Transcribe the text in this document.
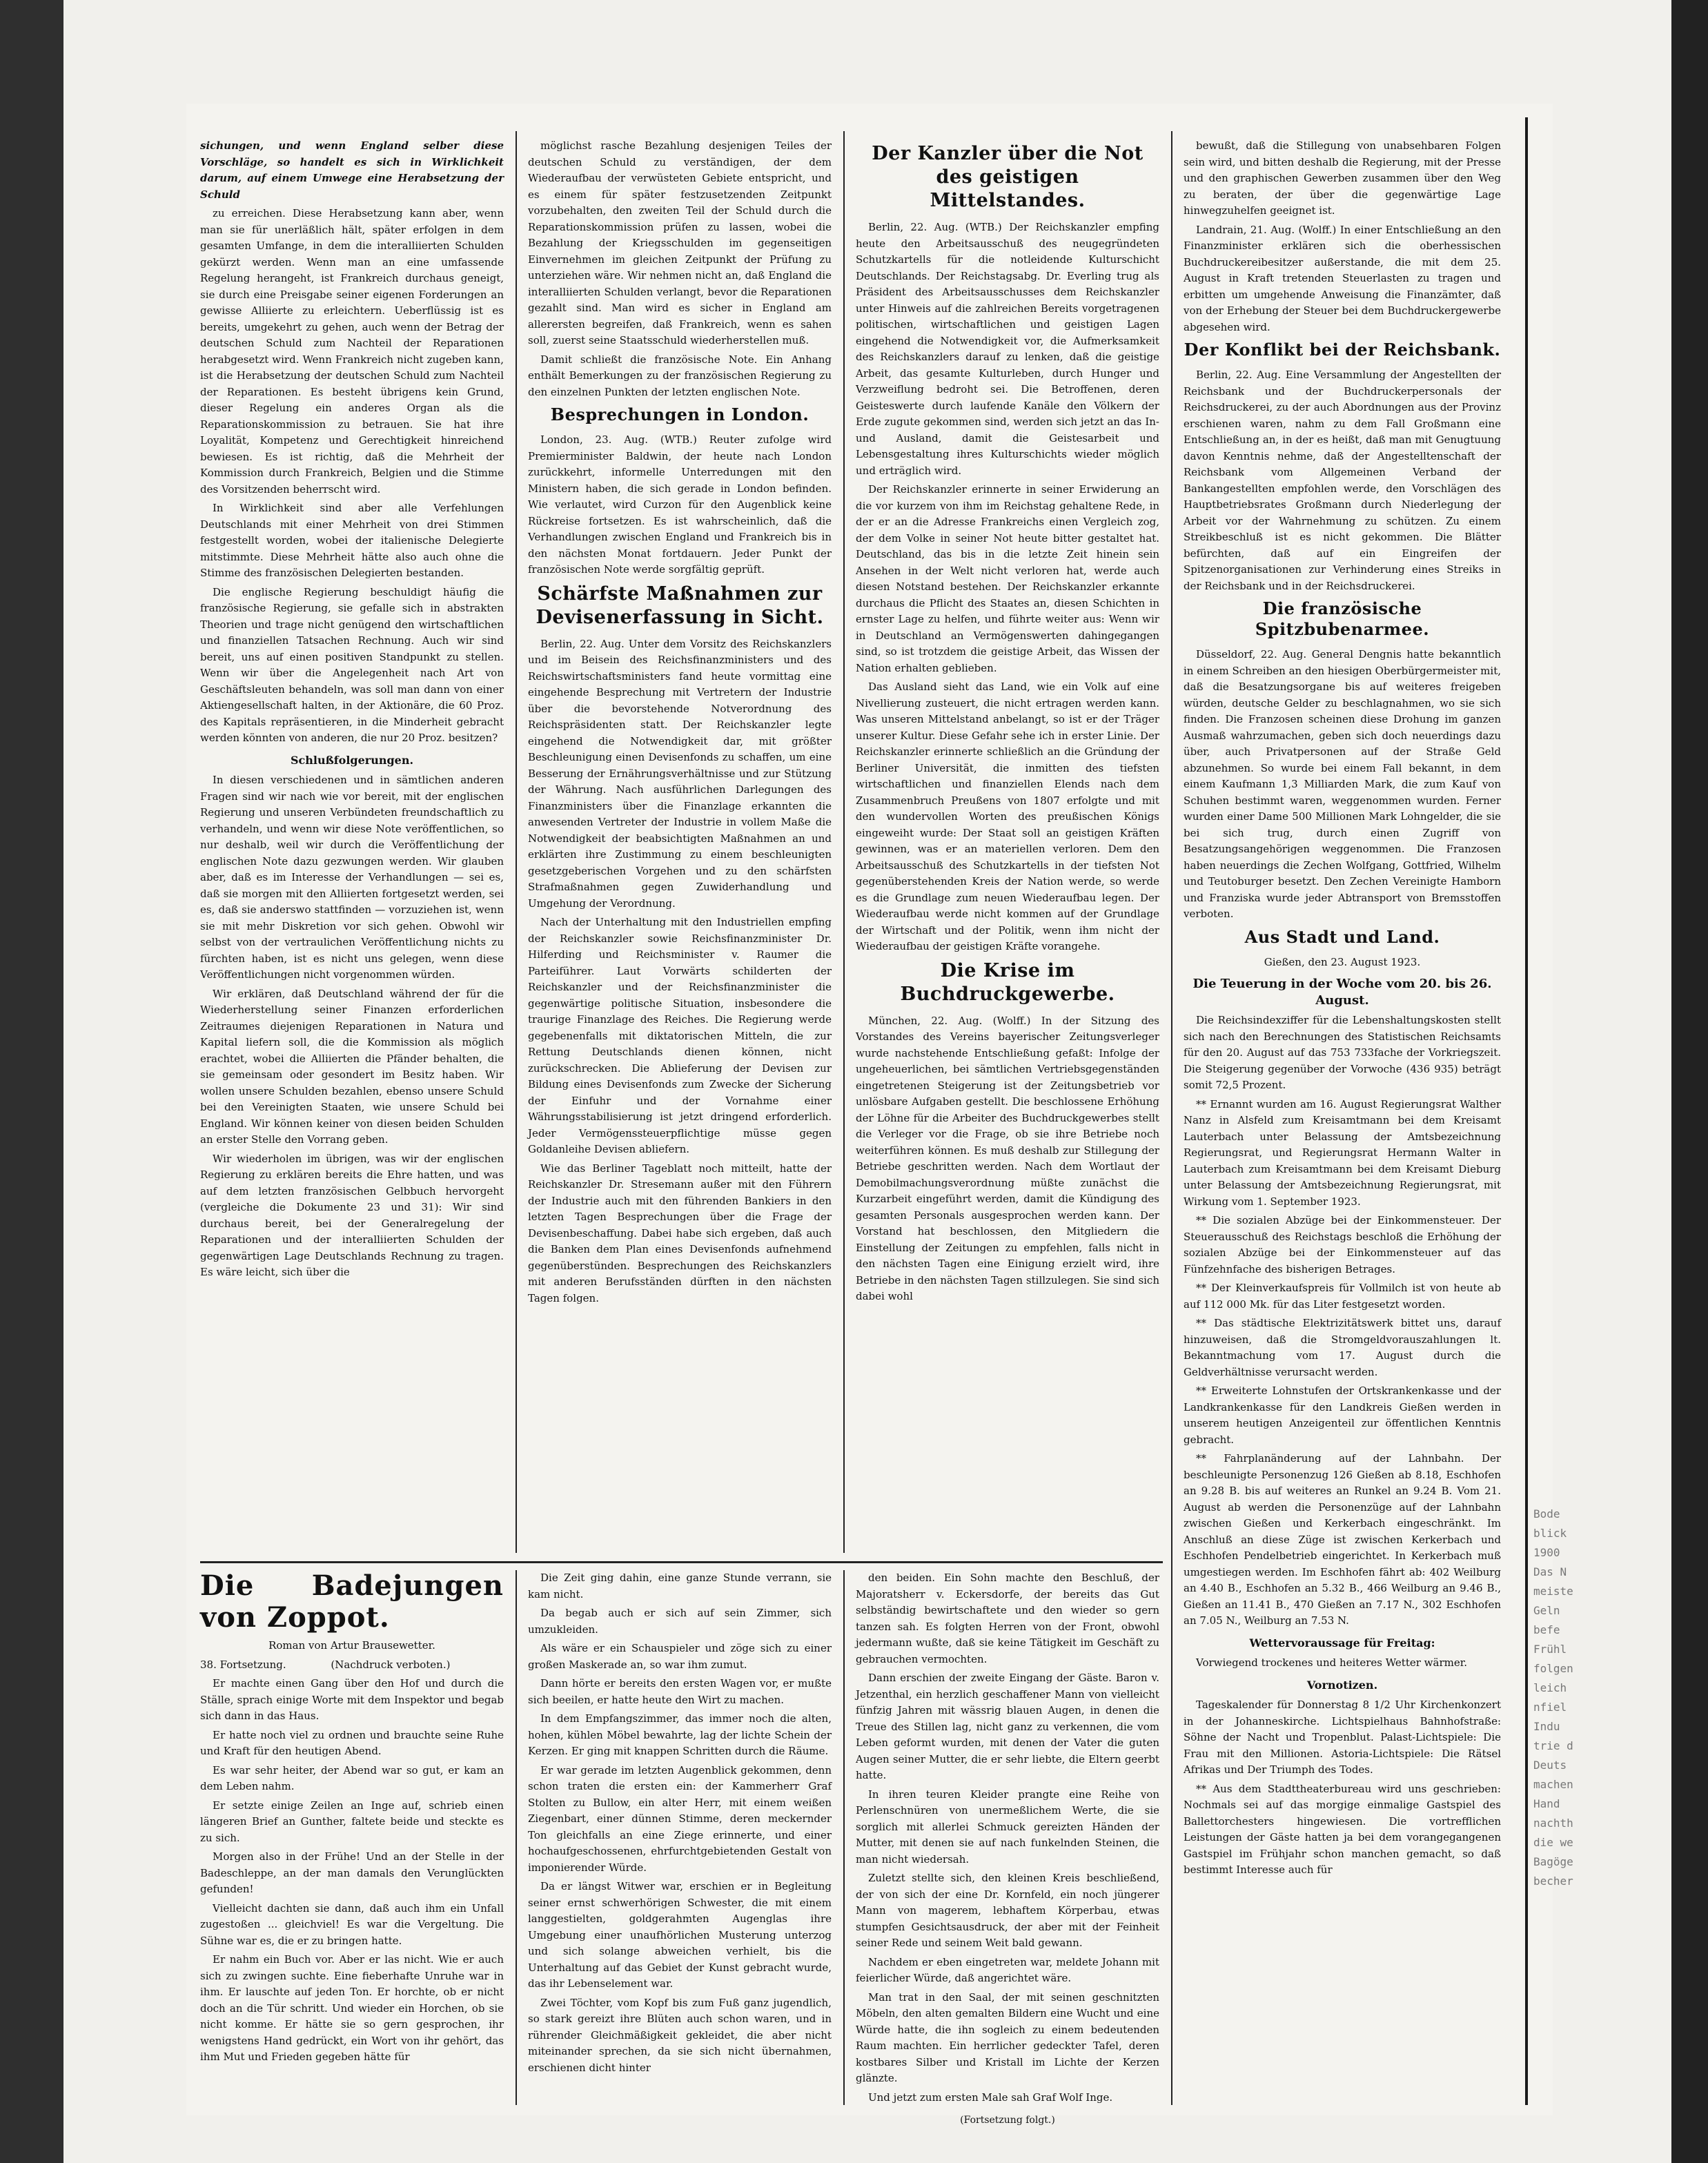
sichungen, und wenn England selber diese Vorschläge, so handelt es sich in Wirklichkeit darum, auf einem Umwege eine Herabsetzung der Schuld

zu erreichen. Diese Herabsetzung kann aber, wenn man sie für unerläßlich hält, später erfolgen in dem gesamten Umfange, in dem die interalliierten Schulden gekürzt werden. Wenn man an eine umfassende Regelung herangeht, ist Frankreich durchaus geneigt, sie durch eine Preisgabe seiner eigenen Forderungen an gewisse Alliierte zu erleichtern. Ueberflüssig ist es bereits, umgekehrt zu gehen, auch wenn der Betrag der deutschen Schuld zum Nachteil der Reparationen herabgesetzt wird. Wenn Frankreich nicht zugeben kann, ist die Herabsetzung der deutschen Schuld zum Nachteil der Reparationen. Es besteht übrigens kein Grund, dieser Regelung ein anderes Organ als die Reparationskommission zu betrauen. Sie hat ihre Loyalität, Kompetenz und Gerechtigkeit hinreichend bewiesen. Es ist richtig, daß die Mehrheit der Kommission durch Frankreich, Belgien und die Stimme des Vorsitzenden beherrscht wird.

In Wirklichkeit sind aber alle Verfehlungen Deutschlands mit einer Mehrheit von drei Stimmen festgestellt worden, wobei der italienische Delegierte mitstimmte. Diese Mehrheit hätte also auch ohne die Stimme des französischen Delegierten bestanden.

Die englische Regierung beschuldigt häufig die französische Regierung, sie gefalle sich in abstrakten Theorien und trage nicht genügend den wirtschaftlichen und finanziellen Tatsachen Rechnung. Auch wir sind bereit, uns auf einen positiven Standpunkt zu stellen. Wenn wir über die Angelegenheit nach Art von Geschäftsleuten behandeln, was soll man dann von einer Aktiengesellschaft halten, in der Aktionäre, die 60 Proz. des Kapitals repräsentieren, in die Minderheit gebracht werden könnten von anderen, die nur 20 Proz. besitzen?

Schlußfolgerungen.

In diesen verschiedenen und in sämtlichen anderen Fragen sind wir nach wie vor bereit, mit der englischen Regierung und unseren Verbündeten freundschaftlich zu verhandeln, und wenn wir diese Note veröffentlichen, so nur deshalb, weil wir durch die Veröffentlichung der englischen Note dazu gezwungen werden. Wir glauben aber, daß es im Interesse der Verhandlungen — sei es, daß sie morgen mit den Alliierten fortgesetzt werden, sei es, daß sie anderswo stattfinden — vorzuziehen ist, wenn sie mit mehr Diskretion vor sich gehen. Obwohl wir selbst von der vertraulichen Veröffentlichung nichts zu fürchten haben, ist es nicht uns gelegen, wenn diese Veröffentlichungen nicht vorgenommen würden.

Wir erklären, daß Deutschland während der für die Wiederherstellung seiner Finanzen erforderlichen Zeitraumes diejenigen Reparationen in Natura und Kapital liefern soll, die die Kommission als möglich erachtet, wobei die Alliierten die Pfänder behalten, die sie gemeinsam oder gesondert im Besitz haben. Wir wollen unsere Schulden bezahlen, ebenso unsere Schuld bei den Vereinigten Staaten, wie unsere Schuld bei England. Wir können keiner von diesen beiden Schulden an erster Stelle den Vorrang geben.

Wir wiederholen im übrigen, was wir der englischen Regierung zu erklären bereits die Ehre hatten, und was auf dem letzten französischen Gelbbuch hervorgeht (vergleiche die Dokumente 23 und 31): Wir sind durchaus bereit, bei der Generalregelung der Reparationen und der interalliierten Schulden der gegenwärtigen Lage Deutschlands Rechnung zu tragen. Es wäre leicht, sich über die

möglichst rasche Bezahlung desjenigen Teiles der deutschen Schuld zu verständigen, der dem Wiederaufbau der verwüsteten Gebiete entspricht, und es einem für später festzusetzenden Zeitpunkt vorzubehalten, den zweiten Teil der Schuld durch die Reparationskommission prüfen zu lassen, wobei die Bezahlung der Kriegsschulden im gegenseitigen Einvernehmen im gleichen Zeitpunkt der Prüfung zu unterziehen wäre. Wir nehmen nicht an, daß England die interalliierten Schulden verlangt, bevor die Reparationen gezahlt sind. Man wird es sicher in England am allerersten begreifen, daß Frankreich, wenn es sahen soll, zuerst seine Staatsschuld wiederherstellen muß.

Damit schließt die französische Note. Ein Anhang enthält Bemerkungen zu der französischen Regierung zu den einzelnen Punkten der letzten englischen Note.

Besprechungen in London.

London, 23. Aug. (WTB.) Reuter zufolge wird Premierminister Baldwin, der heute nach London zurückkehrt, informelle Unterredungen mit den Ministern haben, die sich gerade in London befinden. Wie verlautet, wird Curzon für den Augenblick keine Rückreise fortsetzen. Es ist wahrscheinlich, daß die Verhandlungen zwischen England und Frankreich bis in den nächsten Monat fortdauern. Jeder Punkt der französischen Note werde sorgfältig geprüft.

Schärfste Maßnahmen zur Devisenerfassung in Sicht.

Berlin, 22. Aug. Unter dem Vorsitz des Reichskanzlers und im Beisein des Reichsfinanzministers und des Reichswirtschaftsministers fand heute vormittag eine eingehende Besprechung mit Vertretern der Industrie über die bevorstehende Notverordnung des Reichspräsidenten statt. Der Reichskanzler legte eingehend die Notwendigkeit dar, mit größter Beschleunigung einen Devisenfonds zu schaffen, um eine Besserung der Ernährungsverhältnisse und zur Stützung der Währung. Nach ausführlichen Darlegungen des Finanzministers über die Finanzlage erkannten die anwesenden Vertreter der Industrie in vollem Maße die Notwendigkeit der beabsichtigten Maßnahmen an und erklärten ihre Zustimmung zu einem beschleunigten gesetzgeberischen Vorgehen und zu den schärfsten Strafmaßnahmen gegen Zuwiderhandlung und Umgehung der Verordnung.

Nach der Unterhaltung mit den Industriellen empfing der Reichskanzler sowie Reichsfinanzminister Dr. Hilferding und Reichsminister v. Raumer die Parteiführer. Laut Vorwärts schilderten der Reichskanzler und der Reichsfinanzminister die gegenwärtige politische Situation, insbesondere die traurige Finanzlage des Reiches. Die Regierung werde gegebenenfalls mit diktatorischen Mitteln, die zur Rettung Deutschlands dienen können, nicht zurückschrecken. Die Ablieferung der Devisen zur Bildung eines Devisenfonds zum Zwecke der Sicherung der Einfuhr und der Vornahme einer Währungsstabilisierung ist jetzt dringend erforderlich. Jeder Vermögenssteuerpflichtige müsse gegen Goldanleihe Devisen abliefern.

Wie das Berliner Tageblatt noch mitteilt, hatte der Reichskanzler Dr. Stresemann außer mit den Führern der Industrie auch mit den führenden Bankiers in den letzten Tagen Besprechungen über die Frage der Devisenbeschaffung. Dabei habe sich ergeben, daß auch die Banken dem Plan eines Devisenfonds aufnehmend gegenüberstünden. Besprechungen des Reichskanzlers mit anderen Berufsständen dürften in den nächsten Tagen folgen.

Der Kanzler über die Not des geistigen Mittelstandes.

Berlin, 22. Aug. (WTB.) Der Reichskanzler empfing heute den Arbeitsausschuß des neugegründeten Schutzkartells für die notleidende Kulturschicht Deutschlands. Der Reichstagsabg. Dr. Everling trug als Präsident des Arbeitsausschusses dem Reichskanzler unter Hinweis auf die zahlreichen Bereits vorgetragenen politischen, wirtschaftlichen und geistigen Lagen eingehend die Notwendigkeit vor, die Aufmerksamkeit des Reichskanzlers darauf zu lenken, daß die geistige Arbeit, das gesamte Kulturleben, durch Hunger und Verzweiflung bedroht sei. Die Betroffenen, deren Geisteswerte durch laufende Kanäle den Völkern der Erde zugute gekommen sind, werden sich jetzt an das In- und Ausland, damit die Geistesarbeit und Lebensgestaltung ihres Kulturschichts wieder möglich und erträglich wird.

Der Reichskanzler erinnerte in seiner Erwiderung an die vor kurzem von ihm im Reichstag gehaltene Rede, in der er an die Adresse Frankreichs einen Vergleich zog, der dem Volke in seiner Not heute bitter gestaltet hat. Deutschland, das bis in die letzte Zeit hinein sein Ansehen in der Welt nicht verloren hat, werde auch diesen Notstand bestehen. Der Reichskanzler erkannte durchaus die Pflicht des Staates an, diesen Schichten in ernster Lage zu helfen, und führte weiter aus: Wenn wir in Deutschland an Vermögenswerten dahingegangen sind, so ist trotzdem die geistige Arbeit, das Wissen der Nation erhalten geblieben.

Das Ausland sieht das Land, wie ein Volk auf eine Nivellierung zusteuert, die nicht ertragen werden kann. Was unseren Mittelstand anbelangt, so ist er der Träger unserer Kultur. Diese Gefahr sehe ich in erster Linie. Der Reichskanzler erinnerte schließlich an die Gründung der Berliner Universität, die inmitten des tiefsten wirtschaftlichen und finanziellen Elends nach dem Zusammenbruch Preußens von 1807 erfolgte und mit den wundervollen Worten des preußischen Königs eingeweiht wurde: Der Staat soll an geistigen Kräften gewinnen, was er an materiellen verloren. Dem den Arbeitsausschuß des Schutzkartells in der tiefsten Not gegenüberstehenden Kreis der Nation werde, so werde es die Grundlage zum neuen Wiederaufbau legen. Der Wiederaufbau werde nicht kommen auf der Grundlage der Wirtschaft und der Politik, wenn ihm nicht der Wiederaufbau der geistigen Kräfte vorangehe.

Die Krise im Buchdruckgewerbe.

München, 22. Aug. (Wolff.) In der Sitzung des Vorstandes des Vereins bayerischer Zeitungsverleger wurde nachstehende Entschließung gefaßt: Infolge der ungeheuerlichen, bei sämtlichen Vertriebsgegenständen eingetretenen Steigerung ist der Zeitungsbetrieb vor unlösbare Aufgaben gestellt. Die beschlossene Erhöhung der Löhne für die Arbeiter des Buchdruckgewerbes stellt die Verleger vor die Frage, ob sie ihre Betriebe noch weiterführen können. Es muß deshalb zur Stillegung der Betriebe geschritten werden. Nach dem Wortlaut der Demobilmachungsverordnung müßte zunächst die Kurzarbeit eingeführt werden, damit die Kündigung des gesamten Personals ausgesprochen werden kann. Der Vorstand hat beschlossen, den Mitgliedern die Einstellung der Zeitungen zu empfehlen, falls nicht in den nächsten Tagen eine Einigung erzielt wird, ihre Betriebe in den nächsten Tagen stillzulegen. Sie sind sich dabei wohl

bewußt, daß die Stillegung von unabsehbaren Folgen sein wird, und bitten deshalb die Regierung, mit der Presse und den graphischen Gewerben zusammen über den Weg zu beraten, der über die gegenwärtige Lage hinwegzuhelfen geeignet ist.

Landrain, 21. Aug. (Wolff.) In einer Entschließung an den Finanzminister erklären sich die oberhessischen Buchdruckereibesitzer außerstande, die mit dem 25. August in Kraft tretenden Steuerlasten zu tragen und erbitten um umgehende Anweisung die Finanzämter, daß von der Erhebung der Steuer bei dem Buchdruckergewerbe abgesehen wird.

Der Konflikt bei der Reichsbank.

Berlin, 22. Aug. Eine Versammlung der Angestellten der Reichsbank und der Buchdruckerpersonals der Reichsdruckerei, zu der auch Abordnungen aus der Provinz erschienen waren, nahm zu dem Fall Großmann eine Entschließung an, in der es heißt, daß man mit Genugtuung davon Kenntnis nehme, daß der Angestelltenschaft der Reichsbank vom Allgemeinen Verband der Bankangestellten empfohlen werde, den Vorschlägen des Hauptbetriebsrates Großmann durch Niederlegung der Arbeit vor der Wahrnehmung zu schützen. Zu einem Streikbeschluß ist es nicht gekommen. Die Blätter befürchten, daß auf ein Eingreifen der Spitzenorganisationen zur Verhinderung eines Streiks in der Reichsbank und in der Reichsdruckerei.

Die französische Spitzbubenarmee.

Düsseldorf, 22. Aug. General Dengnis hatte bekanntlich in einem Schreiben an den hiesigen Oberbürgermeister mit, daß die Besatzungsorgane bis auf weiteres freigeben würden, deutsche Gelder zu beschlagnahmen, wo sie sich finden. Die Franzosen scheinen diese Drohung im ganzen Ausmaß wahrzumachen, geben sich doch neuerdings dazu über, auch Privatpersonen auf der Straße Geld abzunehmen. So wurde bei einem Fall bekannt, in dem einem Kaufmann 1,3 Milliarden Mark, die zum Kauf von Schuhen bestimmt waren, weggenommen wurden. Ferner wurden einer Dame 500 Millionen Mark Lohngelder, die sie bei sich trug, durch einen Zugriff von Besatzungsangehörigen weggenommen. Die Franzosen haben neuerdings die Zechen Wolfgang, Gottfried, Wilhelm und Teutoburger besetzt. Den Zechen Vereinigte Hamborn und Franziska wurde jeder Abtransport von Bremsstoffen verboten.

Aus Stadt und Land.

Gießen, den 23. August 1923.

Die Teuerung in der Woche vom 20. bis 26. August.

Die Reichsindexziffer für die Lebenshaltungskosten stellt sich nach den Berechnungen des Statistischen Reichsamts für den 20. August auf das 753 733fache der Vorkriegszeit. Die Steigerung gegenüber der Vorwoche (436 935) beträgt somit 72,5 Prozent.

** Ernannt wurden am 16. August Regierungsrat Walther Nanz in Alsfeld zum Kreisamtmann bei dem Kreisamt Lauterbach unter Belassung der Amtsbezeichnung Regierungsrat, und Regierungsrat Hermann Walter in Lauterbach zum Kreisamtmann bei dem Kreisamt Dieburg unter Belassung der Amtsbezeichnung Regierungsrat, mit Wirkung vom 1. September 1923.

** Die sozialen Abzüge bei der Einkommensteuer. Der Steuerausschuß des Reichstags beschloß die Erhöhung der sozialen Abzüge bei der Einkommensteuer auf das Fünfzehnfache des bisherigen Betrages.

** Der Kleinverkaufspreis für Vollmilch ist von heute ab auf 112 000 Mk. für das Liter festgesetzt worden.

** Das städtische Elektrizitätswerk bittet uns, darauf hinzuweisen, daß die Stromgeldvorauszahlungen lt. Bekanntmachung vom 17. August durch die Geldverhältnisse verursacht werden.

** Erweiterte Lohnstufen der Ortskrankenkasse und der Landkrankenkasse für den Landkreis Gießen werden in unserem heutigen Anzeigenteil zur öffentlichen Kenntnis gebracht.

** Fahrplanänderung auf der Lahnbahn. Der beschleunigte Personenzug 126 Gießen ab 8.18, Eschhofen an 9.28 B. bis auf weiteres an Runkel an 9.24 B. Vom 21. August ab werden die Personenzüge auf der Lahnbahn zwischen Gießen und Kerkerbach eingeschränkt. Im Anschluß an diese Züge ist zwischen Kerkerbach und Eschhofen Pendelbetrieb eingerichtet. In Kerkerbach muß umgestiegen werden. Im Eschhofen fährt ab: 402 Weilburg an 4.40 B., Eschhofen an 5.32 B., 466 Weilburg an 9.46 B., Gießen an 11.41 B., 470 Gießen an 7.17 N., 302 Eschhofen an 7.05 N., Weilburg an 7.53 N.

Wettervoraussage für Freitag:

Vorwiegend trockenes und heiteres Wetter wärmer.

Vornotizen.

Tageskalender für Donnerstag 8 1/2 Uhr Kirchenkonzert in der Johanneskirche. Lichtspielhaus Bahnhofstraße: Söhne der Nacht und Tropenblut. Palast-Lichtspiele: Die Frau mit den Millionen. Astoria-Lichtspiele: Die Rätsel Afrikas und Der Triumph des Todes.

** Aus dem Stadttheaterbureau wird uns geschrieben: Nochmals sei auf das morgige einmalige Gastspiel des Ballettorchesters hingewiesen. Die vortrefflichen Leistungen der Gäste hatten ja bei dem vorangegangenen Gastspiel im Frühjahr schon manchen gemacht, so daß bestimmt Interesse auch für

Die Badejungen von Zoppot.

Roman von Artur Brausewetter.

38. Fortsetzung.	(Nachdruck verboten.)

Er machte einen Gang über den Hof und durch die Ställe, sprach einige Worte mit dem Inspektor und begab sich dann in das Haus.

Er hatte noch viel zu ordnen und brauchte seine Ruhe und Kraft für den heutigen Abend.

Es war sehr heiter, der Abend war so gut, er kam an dem Leben nahm.

Er setzte einige Zeilen an Inge auf, schrieb einen längeren Brief an Gunther, faltete beide und steckte es zu sich.

Morgen also in der Frühe! Und an der Stelle in der Badeschleppe, an der man damals den Verunglückten gefunden!

Vielleicht dachten sie dann, daß auch ihm ein Unfall zugestoßen ... gleichviel! Es war die Vergeltung. Die Sühne war es, die er zu bringen hatte.

Er nahm ein Buch vor. Aber er las nicht. Wie er auch sich zu zwingen suchte. Eine fieberhafte Unruhe war in ihm. Er lauschte auf jeden Ton. Er horchte, ob er nicht doch an die Tür schritt. Und wieder ein Horchen, ob sie nicht komme. Er hätte sie so gern gesprochen, ihr wenigstens Hand gedrückt, ein Wort von ihr gehört, das ihm Mut und Frieden gegeben hätte für

Die Zeit ging dahin, eine ganze Stunde verrann, sie kam nicht.

Da begab auch er sich auf sein Zimmer, sich umzukleiden.

Als wäre er ein Schauspieler und zöge sich zu einer großen Maskerade an, so war ihm zumut.

Dann hörte er bereits den ersten Wagen vor, er mußte sich beeilen, er hatte heute den Wirt zu machen.

In dem Empfangszimmer, das immer noch die alten, hohen, kühlen Möbel bewahrte, lag der lichte Schein der Kerzen. Er ging mit knappen Schritten durch die Räume.

Er war gerade im letzten Augenblick gekommen, denn schon traten die ersten ein: der Kammerherr Graf Stolten zu Bullow, ein alter Herr, mit einem weißen Ziegenbart, einer dünnen Stimme, deren meckernder Ton gleichfalls an eine Ziege erinnerte, und einer hochaufgeschossenen, ehrfurchtgebietenden Gestalt von imponierender Würde.

Da er längst Witwer war, erschien er in Begleitung seiner ernst schwerhörigen Schwester, die mit einem langgestielten, goldgerahmten Augenglas ihre Umgebung einer unaufhörlichen Musterung unterzog und sich solange abweichen verhielt, bis die Unterhaltung auf das Gebiet der Kunst gebracht wurde, das ihr Lebenselement war.

Zwei Töchter, vom Kopf bis zum Fuß ganz jugendlich, so stark gereizt ihre Blüten auch schon waren, und in rührender Gleichmäßigkeit gekleidet, die aber nicht miteinander sprechen, da sie sich nicht übernahmen, erschienen dicht hinter

den beiden. Ein Sohn machte den Beschluß, der Majoratsherr v. Eckersdorfe, der bereits das Gut selbständig bewirtschaftete und den wieder so gern tanzen sah. Es folgten Herren von der Front, obwohl jedermann wußte, daß sie keine Tätigkeit im Geschäft zu gebrauchen vermochten.

Dann erschien der zweite Eingang der Gäste. Baron v. Jetzenthal, ein herzlich geschaffener Mann von vielleicht fünfzig Jahren mit wässrig blauen Augen, in denen die Treue des Stillen lag, nicht ganz zu verkennen, die vom Leben geformt wurden, mit denen der Vater die guten Augen seiner Mutter, die er sehr liebte, die Eltern geerbt hatte.

In ihren teuren Kleider prangte eine Reihe von Perlenschnüren von unermeßlichem Werte, die sie sorglich mit allerlei Schmuck gereizten Händen der Mutter, mit denen sie auf nach funkelnden Steinen, die man nicht wiedersah.

Zuletzt stellte sich, den kleinen Kreis beschließend, der von sich der eine Dr. Kornfeld, ein noch jüngerer Mann von magerem, lebhaftem Körperbau, etwas stumpfen Gesichtsausdruck, der aber mit der Feinheit seiner Rede und seinem Weit bald gewann.

Nachdem er eben eingetreten war, meldete Johann mit feierlicher Würde, daß angerichtet wäre.

Man trat in den Saal, der mit seinen geschnitzten Möbeln, den alten gemalten Bildern eine Wucht und eine Würde hatte, die ihn sogleich zu einem bedeutenden Raum machten. Ein herrlicher gedeckter Tafel, deren kostbares Silber und Kristall im Lichte der Kerzen glänzte.

Und jetzt zum ersten Male sah Graf Wolf Inge.

(Fortsetzung folgt.)
Bode
blick
1900
Das N
meiste
Geln
befe
Frühl
folgen
leich
nfiel
Indu
trie d
Deuts
machen
Hand
nachth
die we
Bagöge
becher
